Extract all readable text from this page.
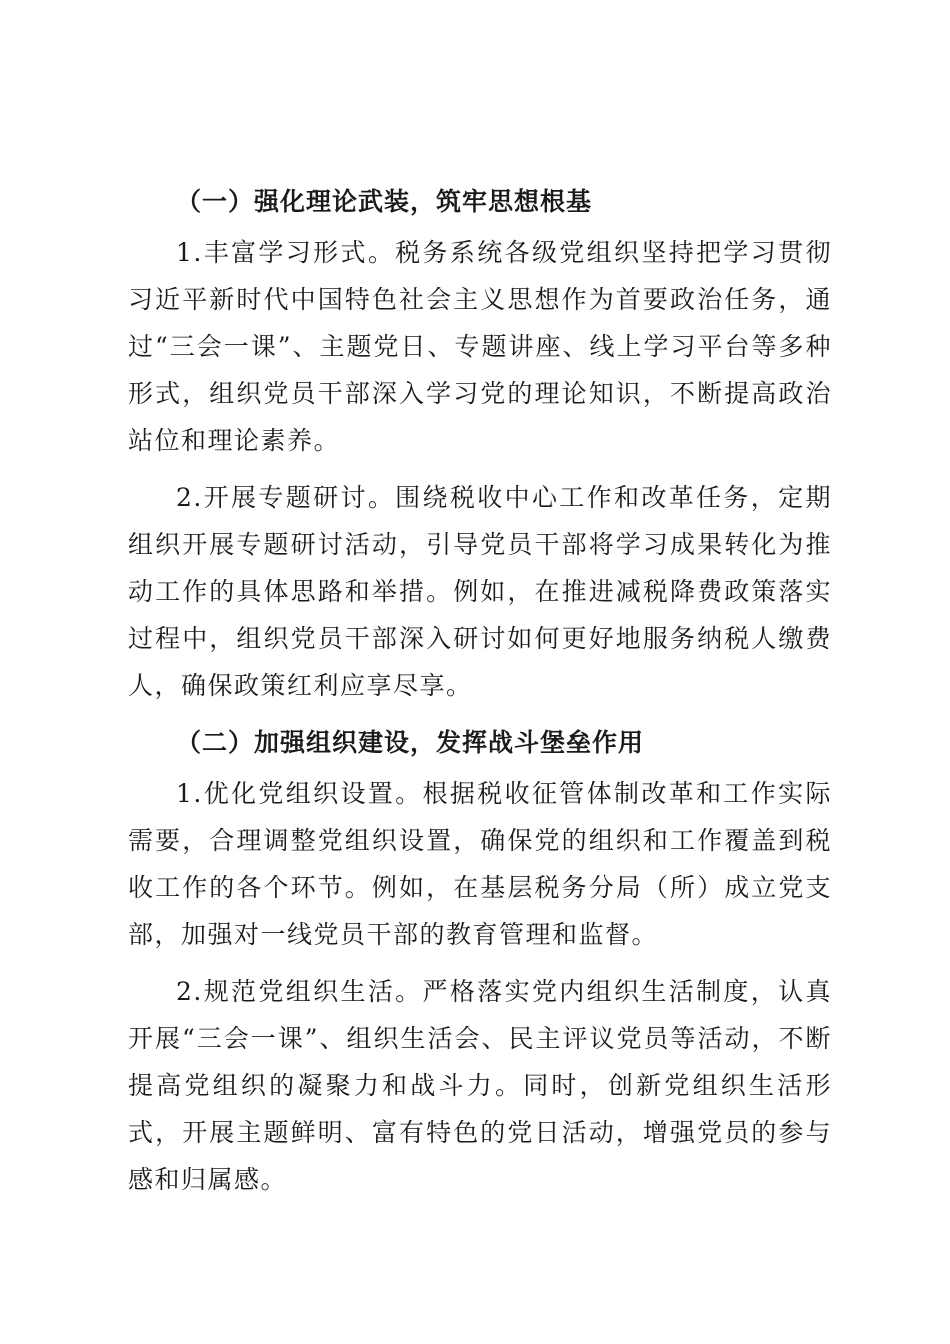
（一）强化理论武装，筑牢思想根基

1.丰富学习形式。税务系统各级党组织坚持把学习贯彻习近平新时代中国特色社会主义思想作为首要政治任务，通过“三会一课”、主题党日、专题讲座、线上学习平台等多种形式，组织党员干部深入学习党的理论知识，不断提高政治站位和理论素养。

2.开展专题研讨。围绕税收中心工作和改革任务，定期组织开展专题研讨活动，引导党员干部将学习成果转化为推动工作的具体思路和举措。例如，在推进减税降费政策落实过程中，组织党员干部深入研讨如何更好地服务纳税人缴费人，确保政策红利应享尽享。

（二）加强组织建设，发挥战斗堡垒作用

1.优化党组织设置。根据税收征管体制改革和工作实际需要，合理调整党组织设置，确保党的组织和工作覆盖到税收工作的各个环节。例如，在基层税务分局（所）成立党支部，加强对一线党员干部的教育管理和监督。

2.规范党组织生活。严格落实党内组织生活制度，认真开展“三会一课”、组织生活会、民主评议党员等活动，不断提高党组织的凝聚力和战斗力。同时，创新党组织生活形式，开展主题鲜明、富有特色的党日活动，增强党员的参与感和归属感。
